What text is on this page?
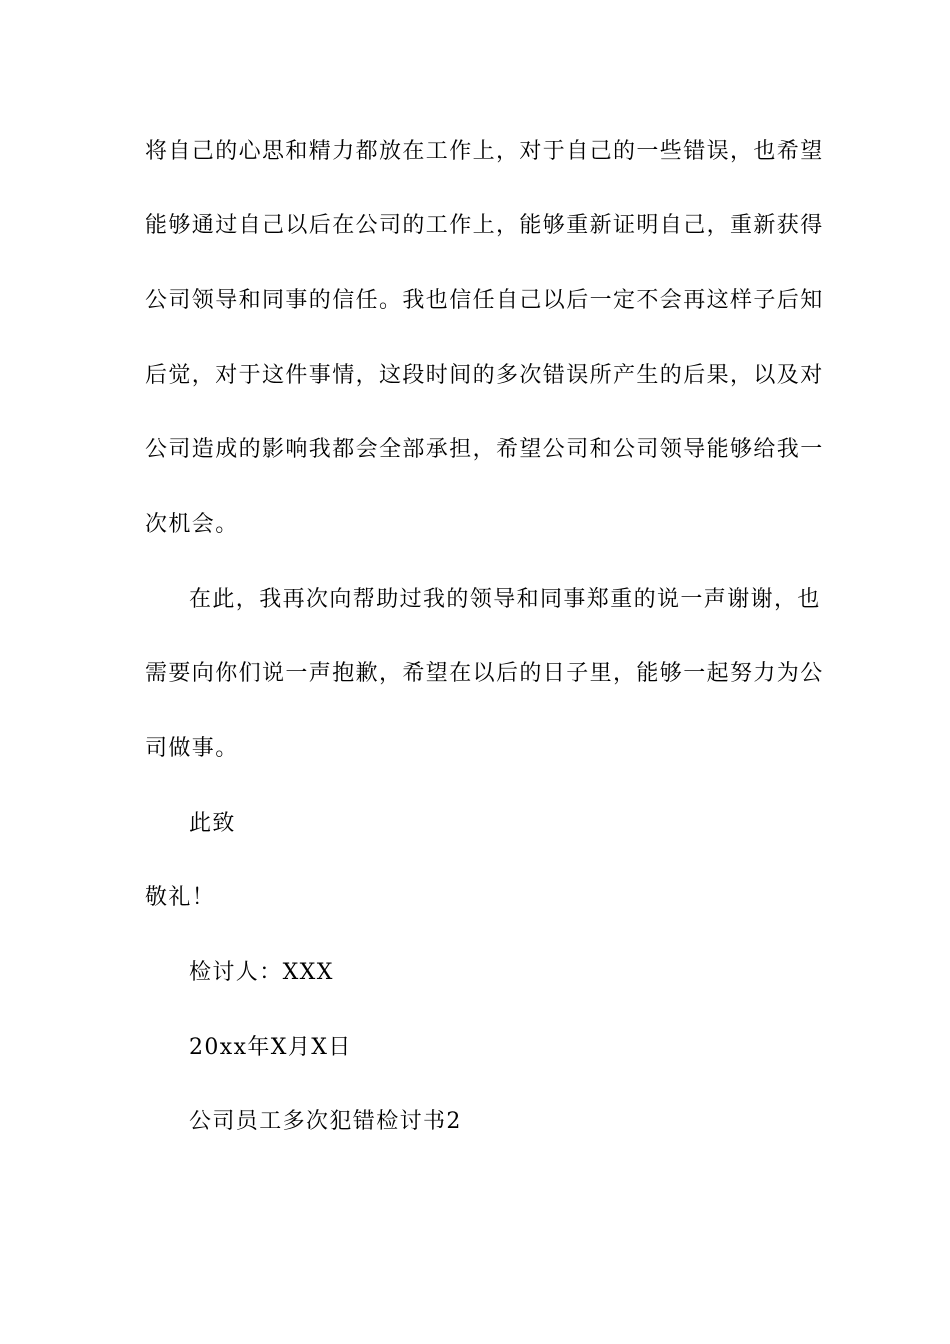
将自己的心思和精力都放在工作上，对于自己的一些错误，也希望
能够通过自己以后在公司的工作上，能够重新证明自己，重新获得
公司领导和同事的信任。我也信任自己以后一定不会再这样子后知
后觉，对于这件事情，这段时间的多次错误所产生的后果，以及对
公司造成的影响我都会全部承担，希望公司和公司领导能够给我一
次机会。
在此，我再次向帮助过我的领导和同事郑重的说一声谢谢，也
需要向你们说一声抱歉，希望在以后的日子里，能够一起努力为公
司做事。
此致
敬礼！
检讨人：XXX
20xx年X月X日
公司员工多次犯错检讨书2
